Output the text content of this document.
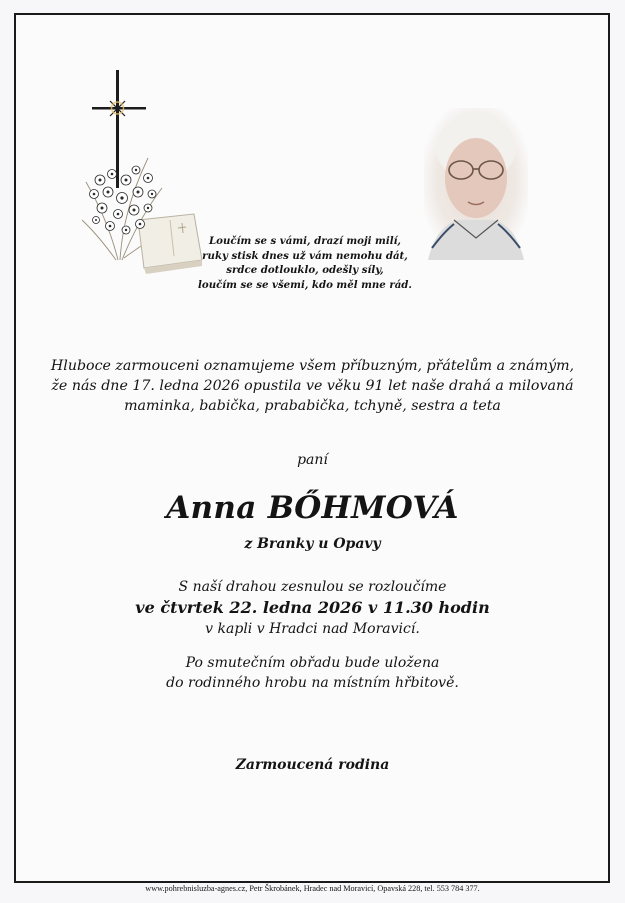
Loučím se s vámi, drazí moji milí,
ruky stisk dnes už vám nemohu dát,
srdce dotlouklo, odešly síly,
loučím se se všemi, kdo měl mne rád.
Hluboce zarmouceni oznamujeme všem příbuzným, přátelům a známým,
že nás dne 17. ledna 2026 opustila ve věku 91 let naše drahá a milovaná
maminka, babička, prababička, tchyně, sestra a teta
paní
Anna BŐHMOVÁ
z Branky u Opavy
S naší drahou zesnulou se rozloučíme
ve čtvrtek 22. ledna 2026 v 11.30 hodin
v kapli v Hradci nad Moravicí.
Po smutečním obřadu bude uložena
do rodinného hrobu na místním hřbitově.
Zarmoucená rodina
www.pohrebnisluzba-agnes.cz, Petr Škrobánek, Hradec nad Moravicí, Opavská 228, tel. 553 784 377.
